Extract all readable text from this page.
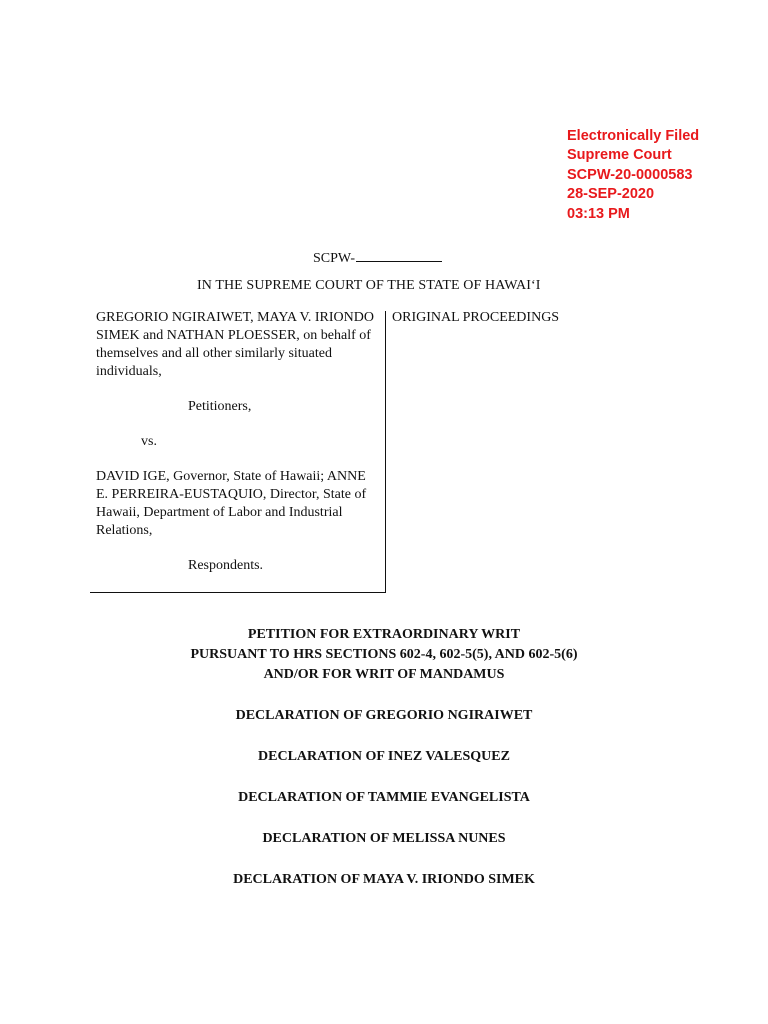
Electronically Filed
Supreme Court
SCPW-20-0000583
28-SEP-2020
03:13 PM
SCPW-
IN THE SUPREME COURT OF THE STATE OF HAWAI‘I

GREGORIO NGIRAIWET, MAYA V. IRIONDO SIMEK and NATHAN PLOESSER, on behalf of themselves and all other similarly situated individuals,

Petitioners,

vs.

DAVID IGE, Governor, State of Hawaii; ANNE E. PERREIRA-EUSTAQUIO, Director, State of Hawaii, Department of Labor and Industrial Relations,

Respondents.

ORIGINAL PROCEEDINGS
PETITION FOR EXTRAORDINARY WRIT
PURSUANT TO HRS SECTIONS 602-4, 602-5(5), AND 602-5(6)
AND/OR FOR WRIT OF MANDAMUS
DECLARATION OF GREGORIO NGIRAIWET
DECLARATION OF INEZ VALESQUEZ
DECLARATION OF TAMMIE EVANGELISTA
DECLARATION OF MELISSA NUNES
DECLARATION OF MAYA V. IRIONDO SIMEK
